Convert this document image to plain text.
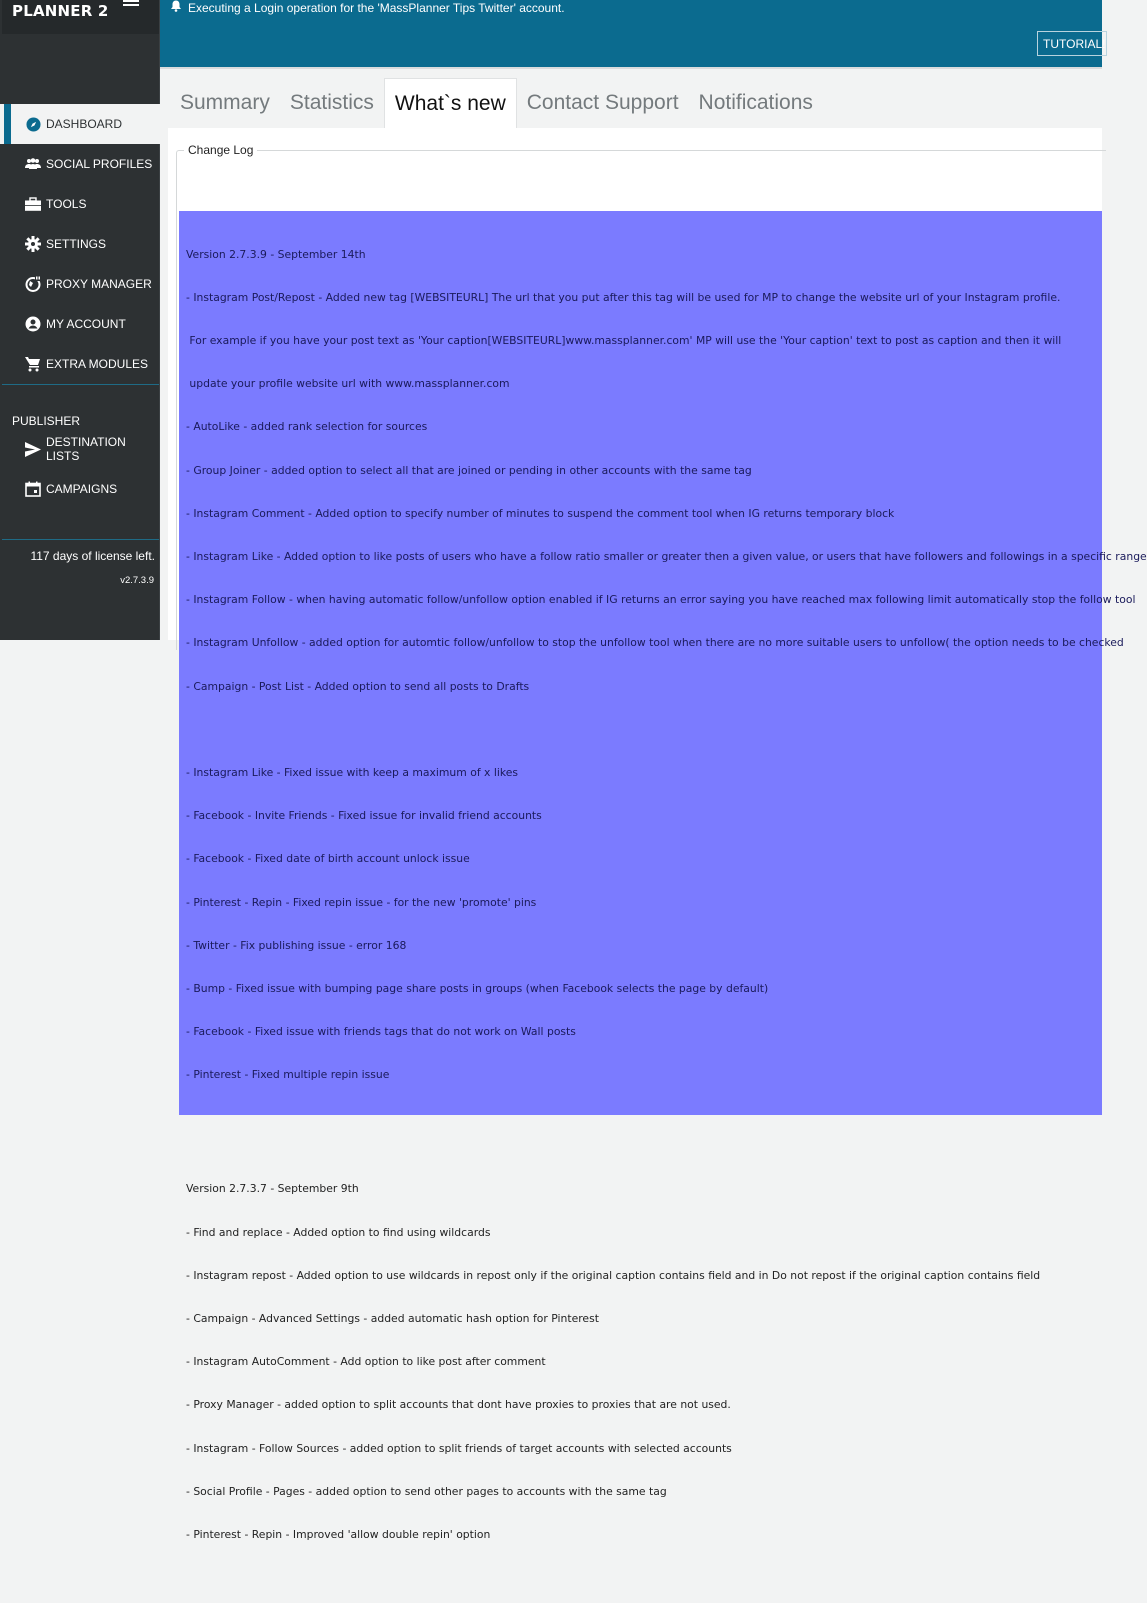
PLANNER 2
DASHBOARD
SOCIAL PROFILES
TOOLS
SETTINGS
PROXY MANAGER
MY ACCOUNT
EXTRA MODULES
PUBLISHER
DESTINATION LISTS
CAMPAIGNS
117 days of license left.
v2.7.3.9
Executing a Login operation for the 'MassPlanner Tips Twitter' account.
TUTORIAL!
Summary Statistics	What`s new	Contact Support Notifications
Change Log

Version 2.7.3.9 - September 14th

- Instagram Post/Repost - Added new tag [WEBSITEURL] The url that you put after this tag will be used for MP to change the website url of your Instagram profile.

For example if you have your post text as 'Your caption[WEBSITEURL]www.massplanner.com' MP will use the 'Your caption' text to post as caption and then it will

update your profile website url with www.massplanner.com

- AutoLike - added rank selection for sources

- Group Joiner - added option to select all that are joined or pending in other accounts with the same tag

- Instagram Comment - Added option to specify number of minutes to suspend the comment tool when IG returns temporary block

- Instagram Like - Added option to like posts of users who have a follow ratio smaller or greater then a given value, or users that have followers and followings in a specific range

- Instagram Follow - when having automatic follow/unfollow option enabled if IG returns an error saying you have reached max following limit automatically stop the follow tool

- Instagram Unfollow - added option for automtic follow/unfollow to stop the unfollow tool when there are no more suitable users to unfollow( the option needs to be checked

- Campaign - Post List - Added option to send all posts to Drafts

- Instagram Like - Fixed issue with keep a maximum of x likes

- Facebook - Invite Friends - Fixed issue for invalid friend accounts

- Facebook - Fixed date of birth account unlock issue

- Pinterest - Repin - Fixed repin issue - for the new 'promote' pins

- Twitter - Fix publishing issue - error 168

- Bump - Fixed issue with bumping page share posts in groups (when Facebook selects the page by default)

- Facebook - Fixed issue with friends tags that do not work on Wall posts

- Pinterest - Fixed multiple repin issue

Version 2.7.3.7 - September 9th

- Find and replace - Added option to find using wildcards

- Instagram repost - Added option to use wildcards in repost only if the original caption contains field and in Do not repost if the original caption contains field

- Campaign - Advanced Settings - added automatic hash option for Pinterest

- Instagram AutoComment - Add option to like post after comment

- Proxy Manager - added option to split accounts that dont have proxies to proxies that are not used.

- Instagram - Follow Sources - added option to split friends of target accounts with selected accounts

- Social Profile - Pages - added option to send other pages to accounts with the same tag

- Pinterest - Repin - Improved 'allow double repin' option
